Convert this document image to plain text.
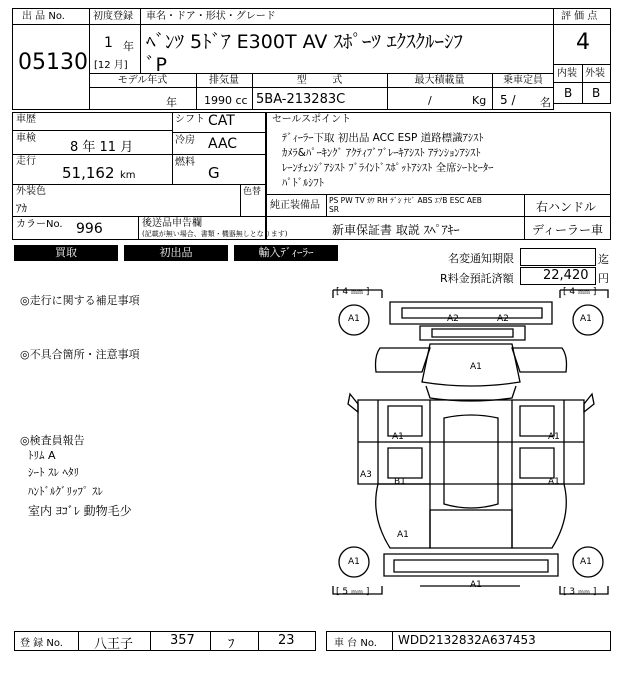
出 品 No.
05130
初度登録
1 年
[12 月]
車名・ドア・形状・グレード
ﾍﾞﾝﾂ 5ﾄﾞｱ E300T AV ｽﾎﾟｰﾂ ｴｸｽｸﾙｰｼﾌ
ﾞP
評 価 点
4
内装 外装
B B
モデル年式	排気量	型        式	最大積載量	乗車定員
年 1990 cc 5BA-213283C	/	Kg 5 / 名
車歴	シフト CAT
車検
8 年 11 月	冷房 AAC
走行
51,162 km
燃料
G
外装色
ｱｶ
色替
カラーNo. 996	後送品申告欄
(記載が無い場合、書類・機器無しとなります)
セールスポイント
ﾃﾞｨｰﾗｰ下取 初出品 ACC ESP 道路標識ｱｼｽﾄ
ｶﾒﾗ&ﾊﾟｰｷﾝｸﾞ ｱｸﾃｨﾌﾞﾌﾞﾚｰｷｱｼｽﾄ ｱﾃﾝｼｮﾝｱｼｽﾄ
ﾚｰﾝﾁｪﾝｼﾞｱｼｽﾄ ﾌﾞﾗｲﾝﾄﾞｽﾎﾟｯﾄｱｼｽﾄ 全席ｼｰﾄﾋｰﾀｰ
ﾊﾟﾄﾞﾙｼﾌﾄ
純正装備品 PS PW TV ｶﾜ RH ﾃﾞｼ ﾅﾋﾞ ABS ｴｱB ESC AEB
SR	右ハンドル
新車保証書 取説 ｽﾍﾟｱｷｰ	ディーラー車
買取	初出品	輸入ﾃﾞｨｰﾗｰ	名変通知期限	迄
R料金預託済額 22,420 円
◎走行に関する補足事項
◎不具合箇所・注意事項
◎検査員報告
ﾄﾘﾑ A
ｼｰﾄ ｽﾚ ﾍﾀﾘ
ﾊﾝﾄﾞﾙｸﾞﾘｯﾌﾟ ｽﾚ
室内 ﾖｺﾞﾚ 動物毛少
[ 4 ｍｍ ]	[ 4 ｍｍ ]
[ 5 ｍｍ ]	[ 3 ｍｍ ]
A2	A2
A1
A1	A1
A3
B1	A1
A1
A1
A1
A1
A1
A1
登 録 No. 八王子	357	ﾌ	23	車 台 No. WDD2132832A637453
